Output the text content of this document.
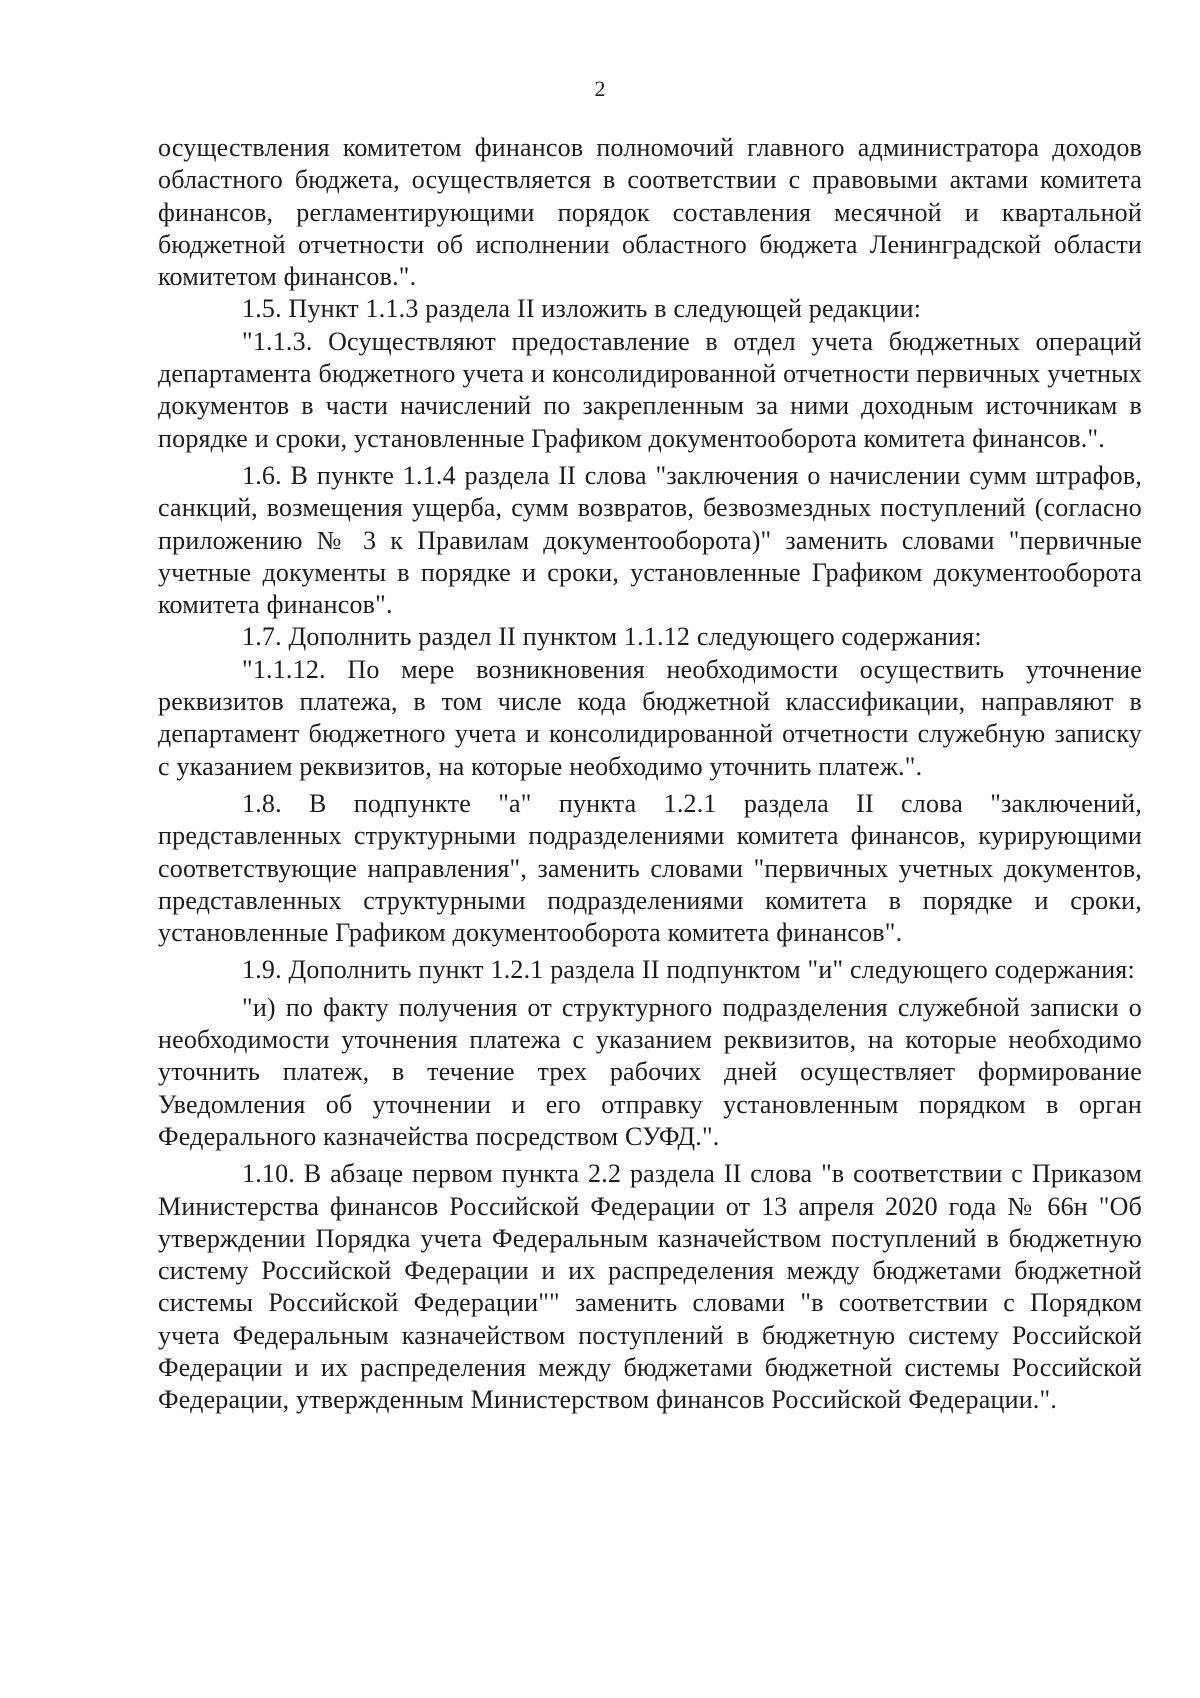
2

осуществления комитетом финансов полномочий главного администратора доходов областного бюджета, осуществляется в соответствии с правовыми актами комитета финансов, регламентирующими порядок составления месячной и квартальной бюджетной отчетности об исполнении областного бюджета Ленинградской области комитетом финансов.".

1.5. Пункт 1.1.3 раздела II изложить в следующей редакции:

"1.1.3. Осуществляют предоставление в отдел учета бюджетных операций департамента бюджетного учета и консолидированной отчетности первичных учетных документов в части начислений по закрепленным за ними доходным источникам в порядке и сроки, установленные Графиком документооборота комитета финансов.".

1.6. В пункте 1.1.4 раздела II слова "заключения о начислении сумм штрафов, санкций, возмещения ущерба, сумм возвратов, безвозмездных поступлений (согласно приложению № 3 к Правилам документооборота)" заменить словами "первичные учетные документы в порядке и сроки, установленные Графиком документооборота комитета финансов".

1.7. Дополнить раздел II пунктом 1.1.12 следующего содержания:

"1.1.12. По мере возникновения необходимости осуществить уточнение реквизитов платежа, в том числе кода бюджетной классификации, направляют в департамент бюджетного учета и консолидированной отчетности служебную записку с указанием реквизитов, на которые необходимо уточнить платеж.".

1.8. В подпункте "а" пункта 1.2.1 раздела II слова "заключений, представленных структурными подразделениями комитета финансов, курирующими соответствующие направления", заменить словами "первичных учетных документов, представленных структурными подразделениями комитета в порядке и сроки, установленные Графиком документооборота комитета финансов".

1.9. Дополнить пункт 1.2.1 раздела II подпунктом "и" следующего содержания:

"и) по факту получения от структурного подразделения служебной записки о необходимости уточнения платежа с указанием реквизитов, на которые необходимо уточнить платеж, в течение трех рабочих дней осуществляет формирование Уведомления об уточнении и его отправку установленным порядком в орган Федерального казначейства посредством СУФД.".

1.10. В абзаце первом пункта 2.2 раздела II слова "в соответствии с Приказом Министерства финансов Российской Федерации от 13 апреля 2020 года № 66н "Об утверждении Порядка учета Федеральным казначейством поступлений в бюджетную систему Российской Федерации и их распределения между бюджетами бюджетной системы Российской Федерации"" заменить словами "в соответствии с Порядком учета Федеральным казначейством поступлений в бюджетную систему Российской Федерации и их распределения между бюджетами бюджетной системы Российской Федерации, утвержденным Министерством финансов Российской Федерации.".
